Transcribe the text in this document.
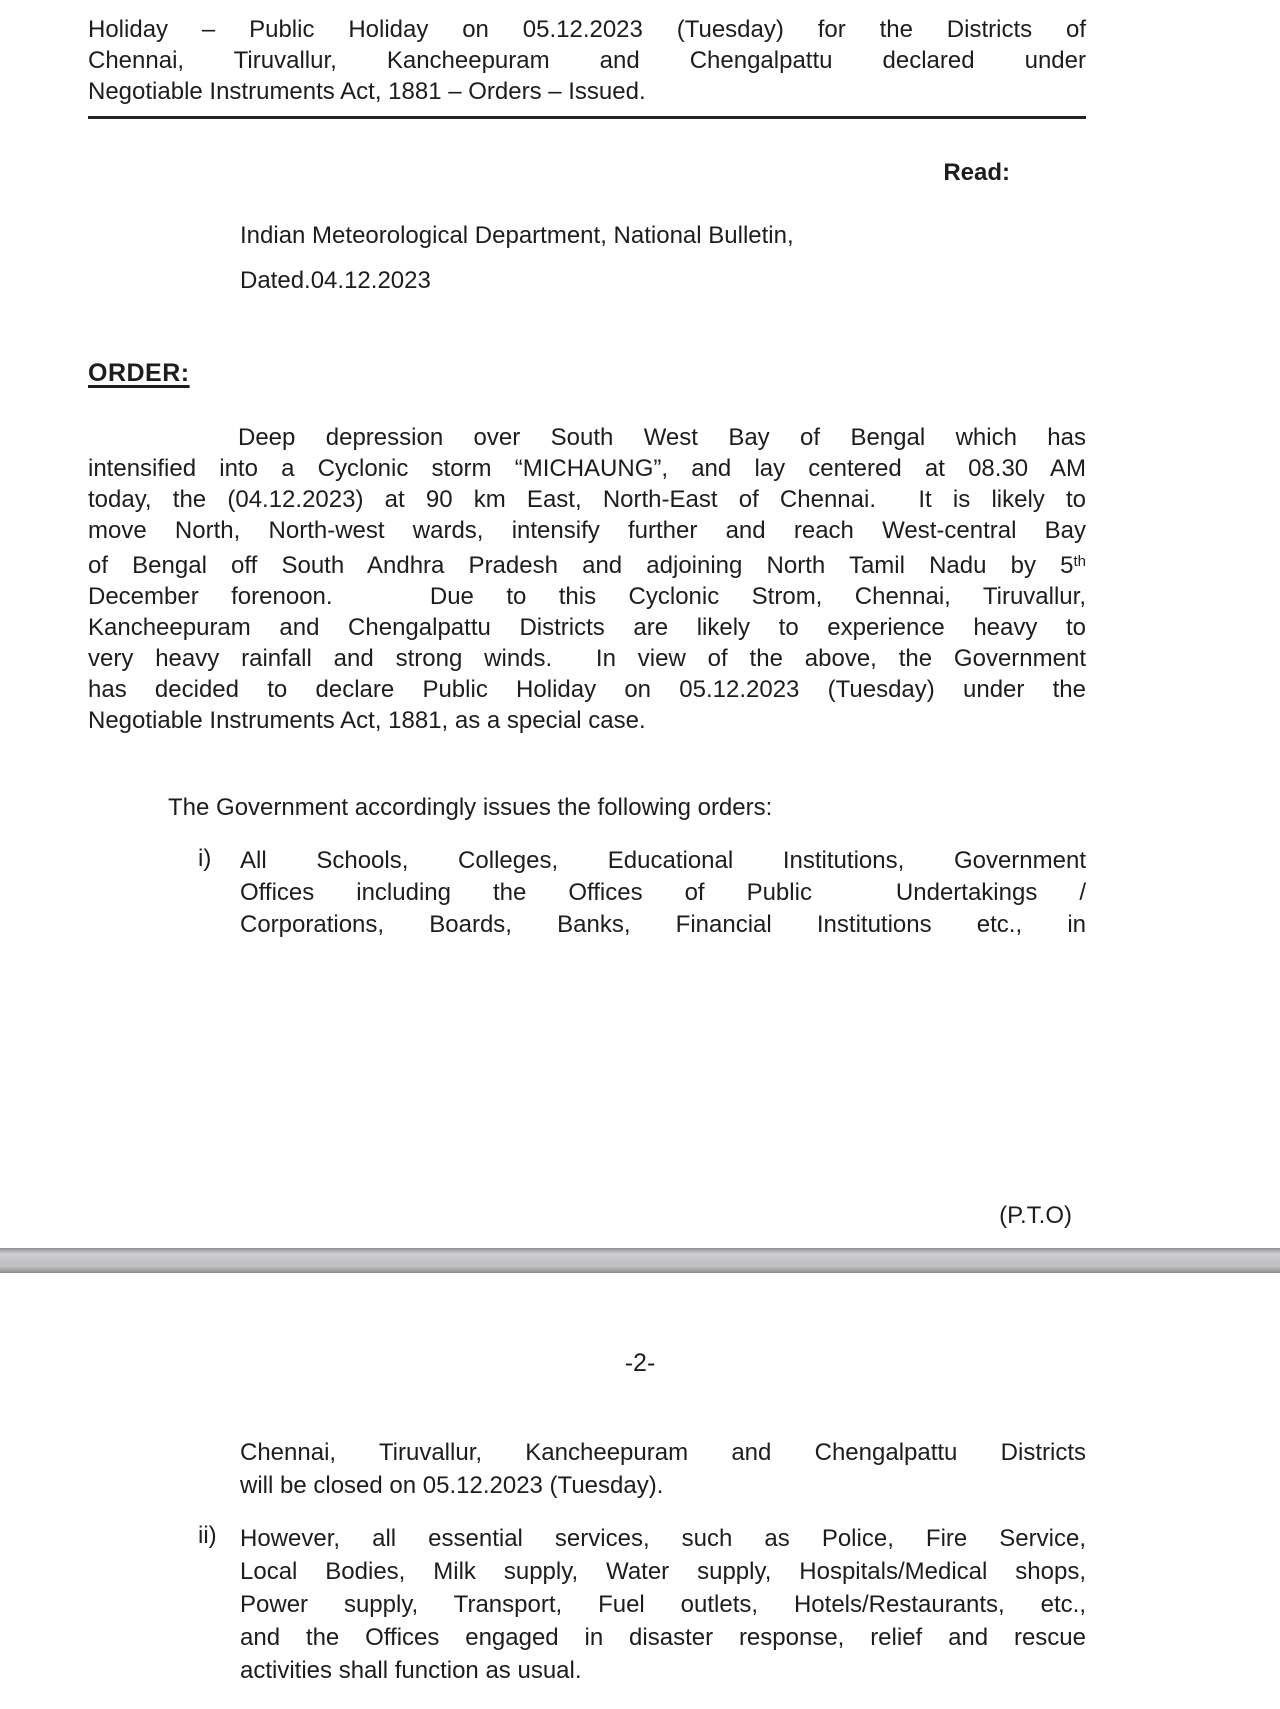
Holiday – Public Holiday on 05.12.2023 (Tuesday) for the Districts of
Chennai, Tiruvallur, Kancheepuram and Chengalpattu declared under
Negotiable Instruments Act, 1881 – Orders – Issued.
Read:
Indian Meteorological Department, National Bulletin,
Dated.04.12.2023
ORDER:
Deep depression over South West Bay of Bengal which has
intensified into a Cyclonic storm “MICHAUNG”, and lay centered at 08.30 AM
today, the (04.12.2023) at 90 km East, North-East of Chennai.  It is likely to
move North, North-west wards, intensify further and reach West-central Bay
of Bengal off South Andhra Pradesh and adjoining North Tamil Nadu by 5th
December forenoon.   Due to this Cyclonic Strom, Chennai, Tiruvallur,
Kancheepuram and Chengalpattu Districts are likely to experience heavy to
very heavy rainfall and strong winds.  In view of the above, the Government
has decided to declare Public Holiday on 05.12.2023 (Tuesday) under the
Negotiable Instruments Act, 1881, as a special case.
The Government accordingly issues the following orders:
i) All Schools, Colleges, Educational Institutions, Government
Offices including the Offices of Public  Undertakings /
Corporations, Boards, Banks, Financial Institutions etc., in
(P.T.O)
-2-
Chennai, Tiruvallur, Kancheepuram and Chengalpattu Districts
will be closed on 05.12.2023 (Tuesday).
ii) However, all essential services, such as Police, Fire Service,
Local Bodies, Milk supply, Water supply, Hospitals/Medical shops,
Power supply, Transport, Fuel outlets, Hotels/Restaurants, etc.,
and the Offices engaged in disaster response, relief and rescue
activities shall function as usual.
